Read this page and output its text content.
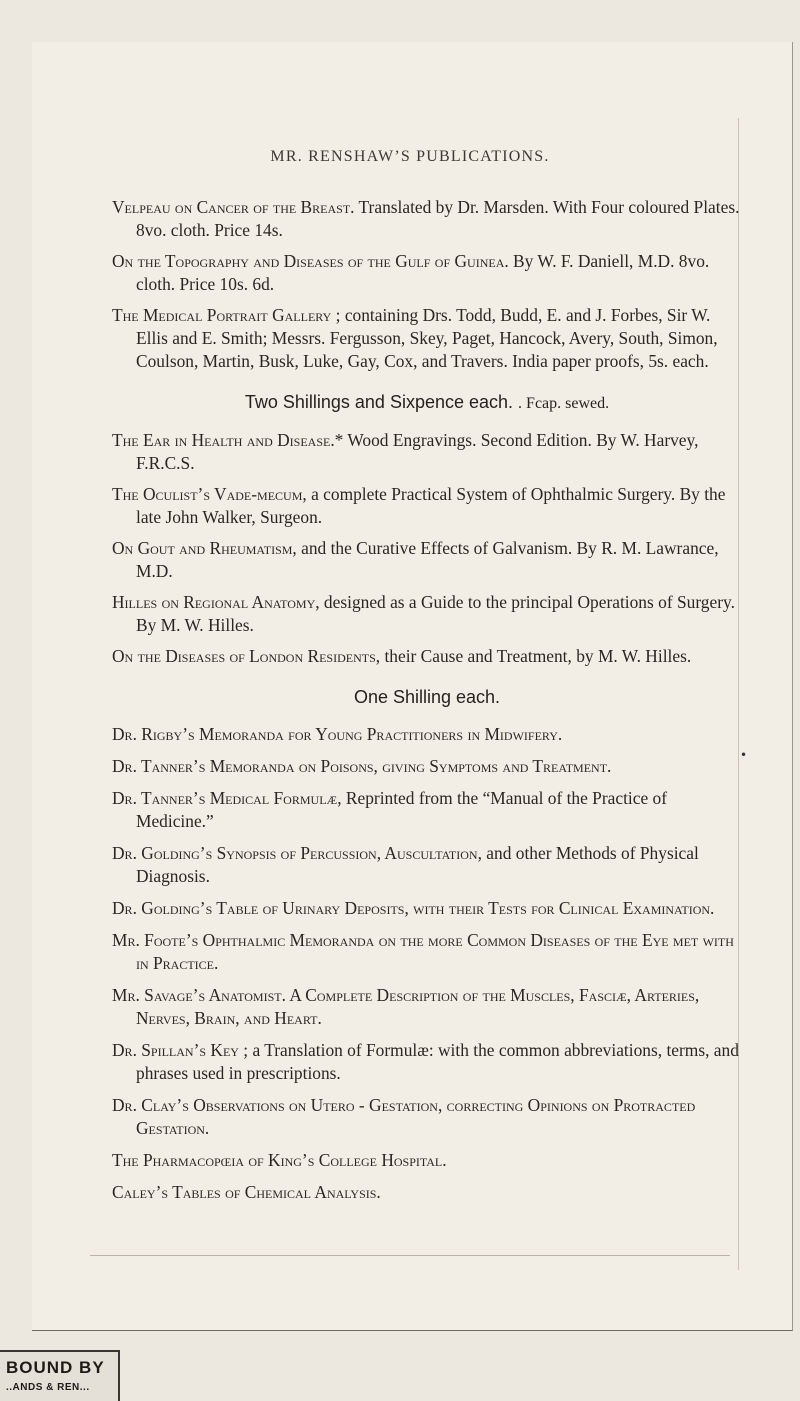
MR. RENSHAW’S PUBLICATIONS.

Velpeau on Cancer of the Breast. Translated by Dr. Marsden. With Four coloured Plates. 8vo. cloth. Price 14s.

On the Topography and Diseases of the Gulf of Guinea. By W. F. Daniell, M.D. 8vo. cloth. Price 10s. 6d.

The Medical Portrait Gallery ; containing Drs. Todd, Budd, E. and J. Forbes, Sir W. Ellis and E. Smith; Messrs. Fergusson, Skey, Paget, Hancock, Avery, South, Simon, Coulson, Martin, Busk, Luke, Gay, Cox, and Travers. India paper proofs, 5s. each.

Two Shillings and Sixpence each. . Fcap. sewed.

The Ear in Health and Disease.* Wood Engravings. Second Edition. By W. Harvey, F.R.C.S.

The Oculist’s Vade-mecum, a complete Practical System of Ophthalmic Surgery. By the late John Walker, Surgeon.

On Gout and Rheumatism, and the Curative Effects of Galvanism. By R. M. Lawrance, M.D.

Hilles on Regional Anatomy, designed as a Guide to the principal Operations of Surgery. By M. W. Hilles.

On the Diseases of London Residents, their Cause and Treatment, by M. W. Hilles.

One Shilling each.

Dr. Rigby’s Memoranda for Young Practitioners in Midwifery.

Dr. Tanner’s Memoranda on Poisons, giving Symptoms and Treatment.

Dr. Tanner’s Medical Formulæ, Reprinted from the “Manual of the Practice of Medicine.”

Dr. Golding’s Synopsis of Percussion, Auscultation, and other Methods of Physical Diagnosis.

Dr. Golding’s Table of Urinary Deposits, with their Tests for Clinical Examination.

Mr. Foote’s Ophthalmic Memoranda on the more Common Diseases of the Eye met with in Practice.

Mr. Savage’s Anatomist. A Complete Description of the Muscles, Fasciæ, Arteries, Nerves, Brain, and Heart.

Dr. Spillan’s Key ; a Translation of Formulæ: with the common abbreviations, terms, and phrases used in prescriptions.

Dr. Clay’s Observations on Utero - Gestation, correcting Opinions on Protracted Gestation.

The Pharmacopœia of King’s College Hospital.

Caley’s Tables of Chemical Analysis.

•
BOUND BY
..ANDS & REN...
